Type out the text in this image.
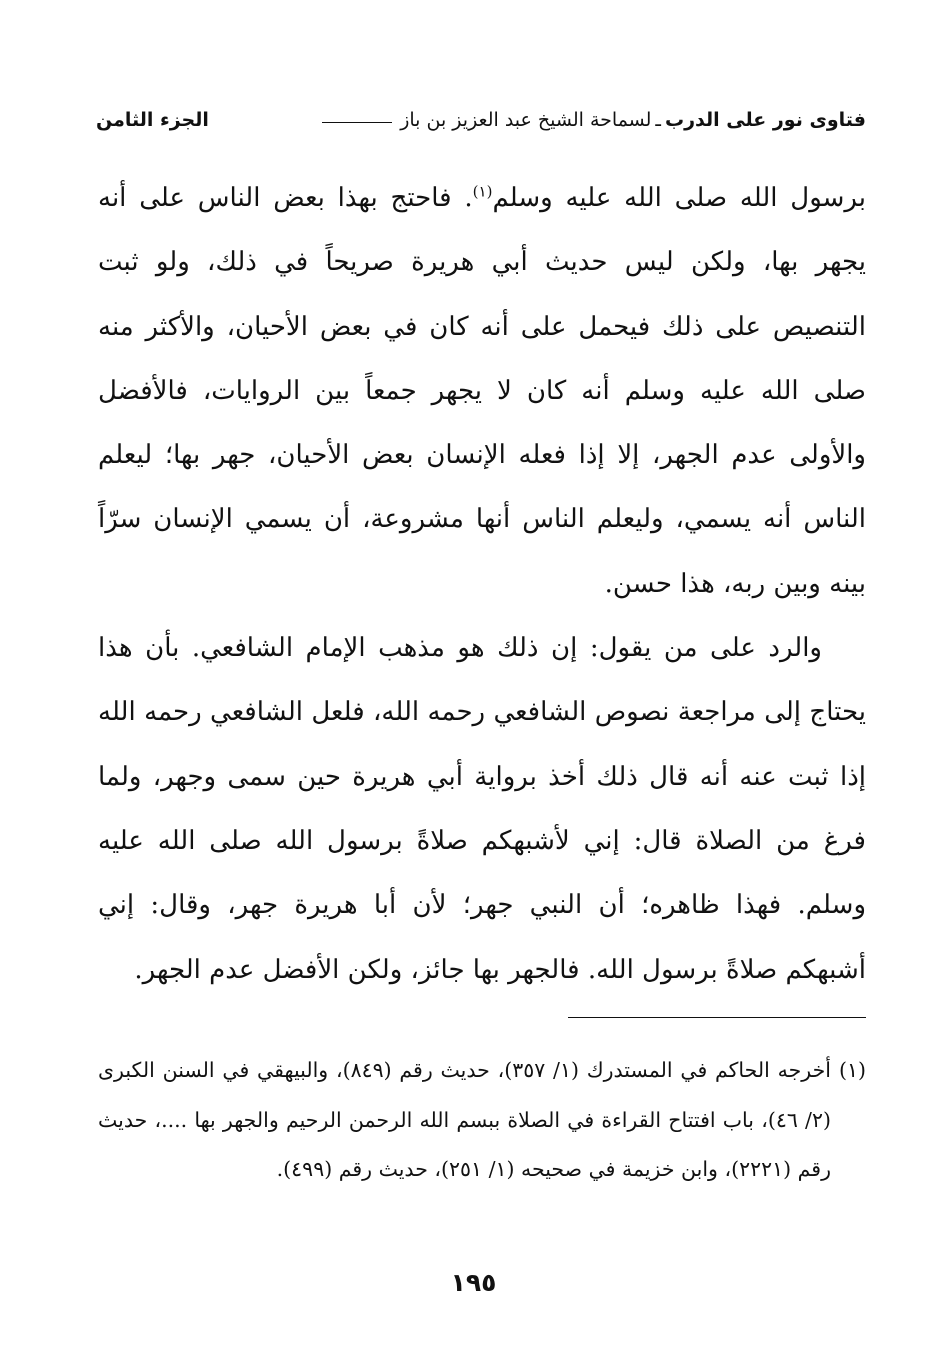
فتاوى نور على الدرب
ـ
لسماحة الشيخ عبد العزيز بن باز
الجزء الثامن

برسول الله صلى الله عليه وسلم$^{(١)}$. فاحتج بهذا بعض الناس على أنه يجهر بها، ولكن ليس حديث أبي هريرة صريحاً في ذلك، ولو ثبت التنصيص على ذلك فيحمل على أنه كان في بعض الأحيان، والأكثر منه صلى الله عليه وسلم أنه كان لا يجهر جمعاً بين الروايات، فالأفضل والأولى عدم الجهر، إلا إذا فعله الإنسان بعض الأحيان، جهر بها؛ ليعلم الناس أنه يسمي، وليعلم الناس أنها مشروعة، أن يسمي الإنسان سرّاً بينه وبين ربه، هذا حسن.

والرد على من يقول: إن ذلك هو مذهب الإمام الشافعي. بأن هذا يحتاج إلى مراجعة نصوص الشافعي رحمه الله، فلعل الشافعي رحمه الله إذا ثبت عنه أنه قال ذلك أخذ برواية أبي هريرة حين سمى وجهر، ولما فرغ من الصلاة قال: إني لأشبهكم صلاةً برسول الله صلى الله عليه وسلم. فهذا ظاهره؛ أن النبي جهر؛ لأن أبا هريرة جهر، وقال: إني أشبهكم صلاةً برسول الله. فالجهر بها جائز، ولكن الأفضل عدم الجهر.

(١)
أخرجه الحاكم في المستدرك (١/ ٣٥٧)، حديث رقم (٨٤٩)، والبيهقي في السنن الكبرى (٢/ ٤٦)، باب افتتاح القراءة في الصلاة ببسم الله الرحمن الرحيم والجهر بها ....، حديث رقم (٢٢٢١)، وابن خزيمة في صحيحه (١/ ٢٥١)، حديث رقم (٤٩٩).
١٩٥
